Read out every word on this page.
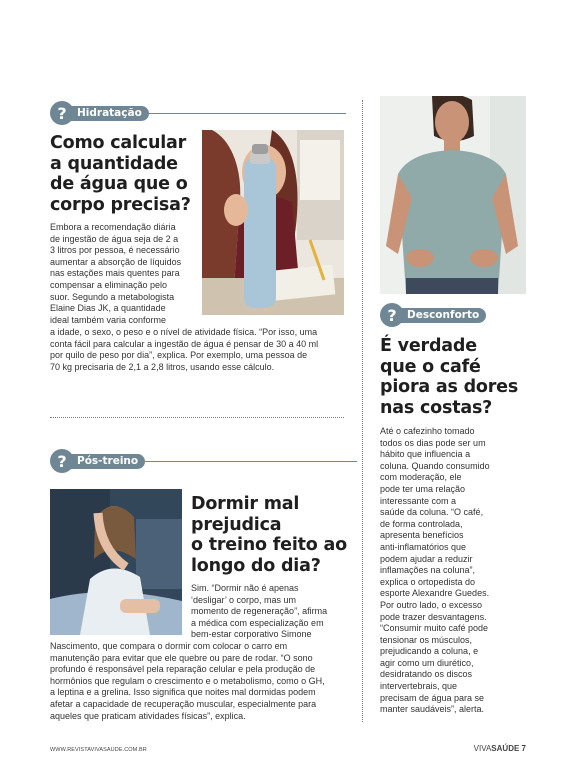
? Hidratação
Como calcular
a quantidade
de água que o
corpo precisa?
Embora a recomendação diária
de ingestão de água seja de 2 a
3 litros por pessoa, é necessário
aumentar a absorção de líquidos
nas estações mais quentes para
compensar a eliminação pelo
suor. Segundo a metabologista
Elaine Dias JK, a quantidade
ideal também varia conforme
a idade, o sexo, o peso e o nível de atividade física. “Por isso, uma
conta fácil para calcular a ingestão de água é pensar de 30 a 40 ml
por quilo de peso por dia”, explica. Por exemplo, uma pessoa de
70 kg precisaria de 2,1 a 2,8 litros, usando esse cálculo.
? Pós-treino
Dormir mal
prejudica
o treino feito ao
longo do dia?
Sim. “Dormir não é apenas
‘desligar’ o corpo, mas um
momento de regeneração”, afirma
a médica com especialização em
bem-estar corporativo Simone
Nascimento, que compara o dormir com colocar o carro em
manutenção para evitar que ele quebre ou pare de rodar. “O sono
profundo é responsável pela reparação celular e pela produção de
hormônios que regulam o crescimento e o metabolismo, como o GH,
a leptina e a grelina. Isso significa que noites mal dormidas podem
afetar a capacidade de recuperação muscular, especialmente para
aqueles que praticam atividades físicas”, explica.
? Desconforto
É verdade
que o café
piora as dores
nas costas?
Até o cafezinho tomado
todos os dias pode ser um
hábito que influencia a
coluna. Quando consumido
com moderação, ele
pode ter uma relação
interessante com a
saúde da coluna. “O café,
de forma controlada,
apresenta benefícios
anti-inflamatórios que
podem ajudar a reduzir
inflamações na coluna”,
explica o ortopedista do
esporte Alexandre Guedes.
Por outro lado, o excesso
pode trazer desvantagens.
“Consumir muito café pode
tensionar os músculos,
prejudicando a coluna, e
agir como um diurético,
desidratando os discos
intervertebrais, que
precisam de água para se
manter saudáveis”, alerta.
WWW.REVISTAVIVASAUDE.COM.BR	VIVASAÚDE 7
